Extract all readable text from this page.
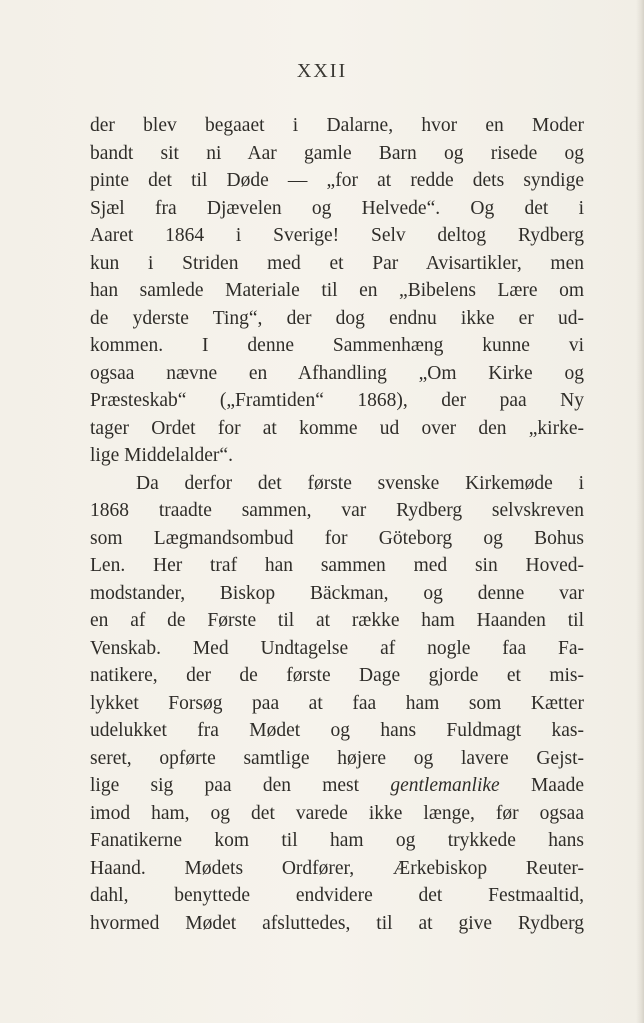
XXII
der blev begaaet i Dalarne, hvor en Moder
bandt sit ni Aar gamle Barn og risede og
pinte det til Døde — „for at redde dets syndige
Sjæl fra Djævelen og Helvede“. Og det i
Aaret 1864 i Sverige! Selv deltog Rydberg
kun i Striden med et Par Avisartikler, men
han samlede Materiale til en „Bibelens Lære om
de yderste Ting“, der dog endnu ikke er ud-
kommen. I denne Sammenhæng kunne vi
ogsaa nævne en Afhandling „Om Kirke og
Præsteskab“ („Framtiden“ 1868), der paa Ny
tager Ordet for at komme ud over den „kirke-
lige Middelalder“.
Da derfor det første svenske Kirkemøde i
1868 traadte sammen, var Rydberg selvskreven
som Lægmandsombud for Göteborg og Bohus
Len. Her traf han sammen med sin Hoved-
modstander, Biskop Bäckman, og denne var
en af de Første til at række ham Haanden til
Venskab. Med Undtagelse af nogle faa Fa-
natikere, der de første Dage gjorde et mis-
lykket Forsøg paa at faa ham som Kætter
udelukket fra Mødet og hans Fuldmagt kas-
seret, opførte samtlige højere og lavere Gejst-
lige sig paa den mest gentlemanlike Maade
imod ham, og det varede ikke længe, før ogsaa
Fanatikerne kom til ham og trykkede hans
Haand. Mødets Ordfører, Ærkebiskop Reuter-
dahl, benyttede endvidere det Festmaaltid,
hvormed Mødet afsluttedes, til at give Rydberg
